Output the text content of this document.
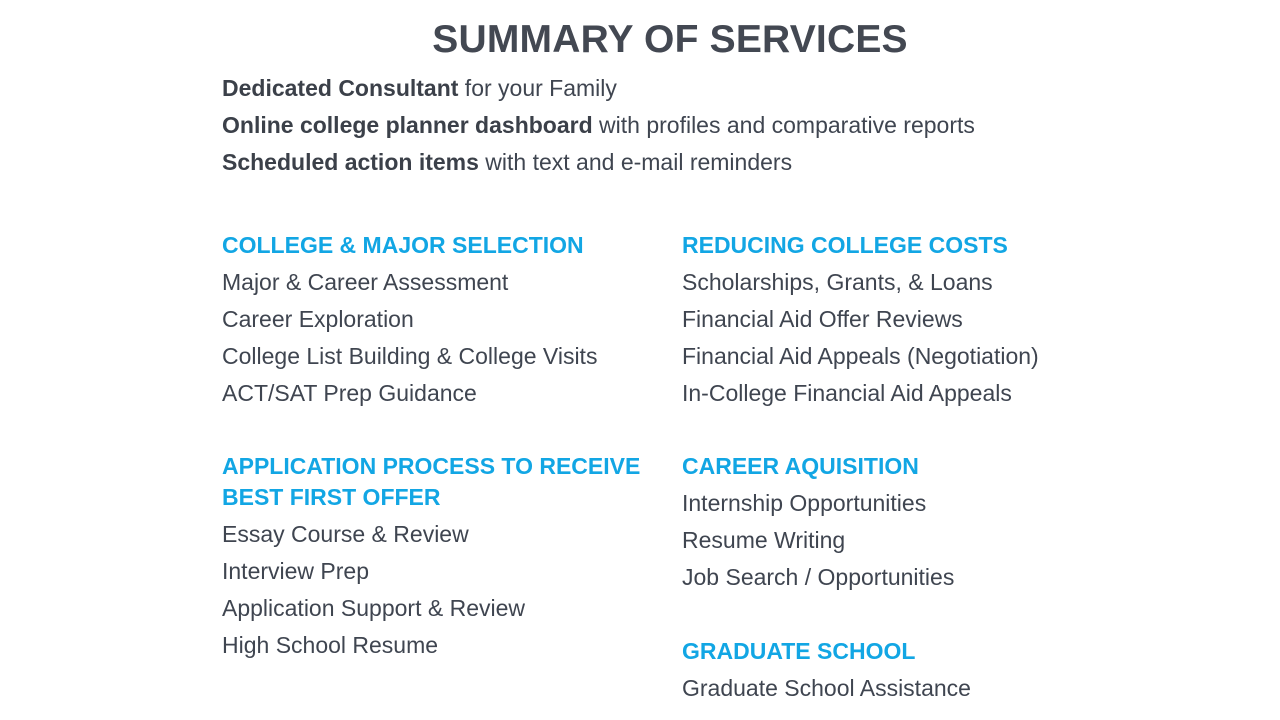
SUMMARY OF SERVICES
Dedicated Consultant for your Family
Online college planner dashboard with profiles and comparative reports
Scheduled action items with text and e-mail reminders
COLLEGE & MAJOR SELECTION
Major & Career Assessment
Career Exploration
College List Building & College Visits
ACT/SAT Prep Guidance
REDUCING COLLEGE COSTS
Scholarships, Grants, & Loans
Financial Aid Offer Reviews
Financial Aid Appeals (Negotiation)
In-College Financial Aid Appeals
APPLICATION PROCESS TO RECEIVE
BEST FIRST OFFER
Essay Course & Review
Interview Prep
Application Support & Review
High School Resume
CAREER AQUISITION
Internship Opportunities
Resume Writing
Job Search / Opportunities
GRADUATE SCHOOL
Graduate School Assistance
